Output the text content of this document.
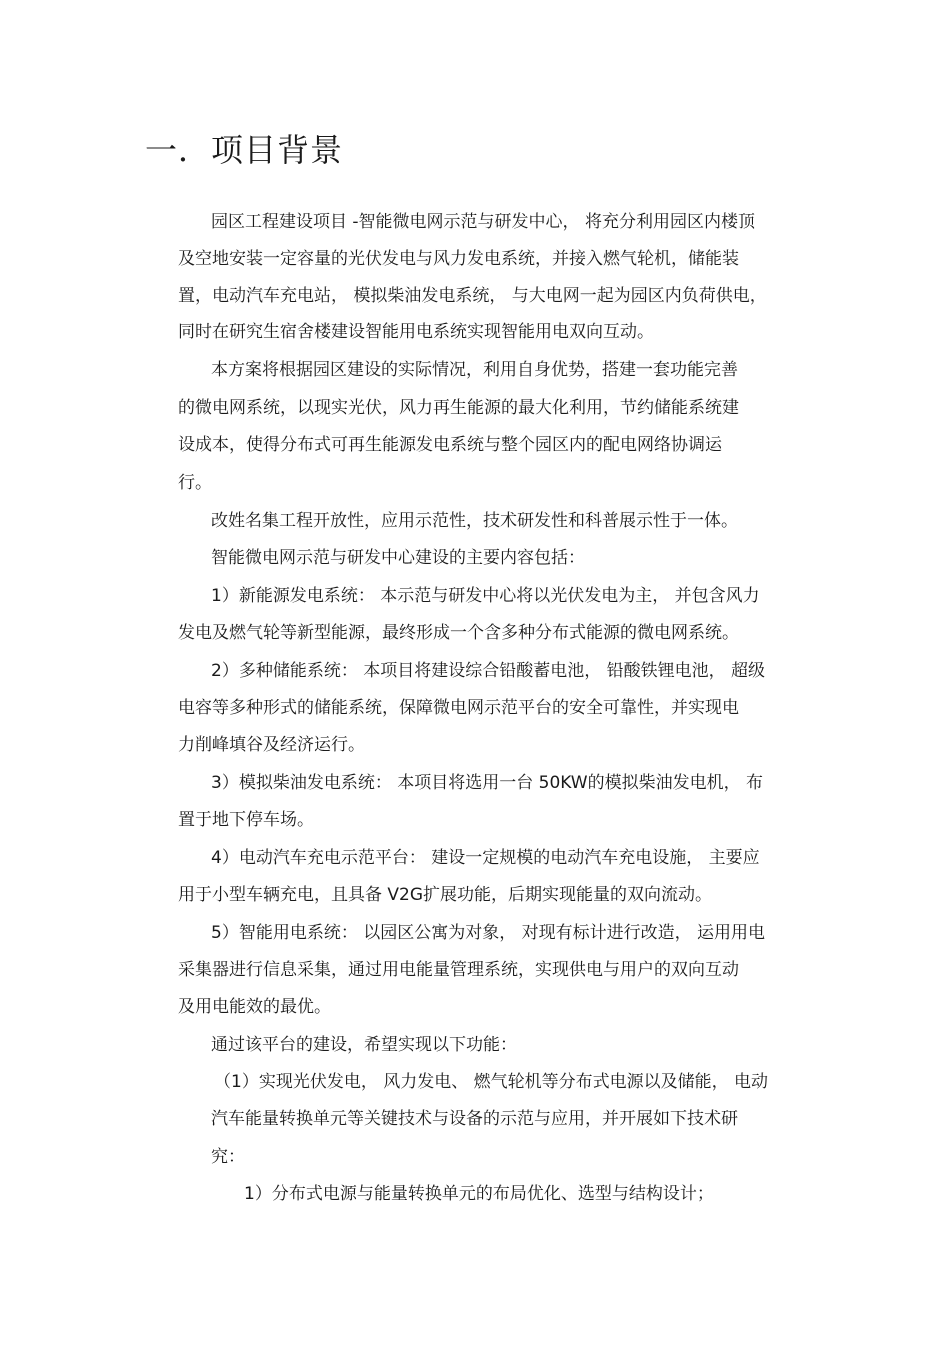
一．项目背景
园区工程建设项目 -智能微电网示范与研发中心， 将充分利用园区内楼顶
及空地安装一定容量的光伏发电与风力发电系统，并接入燃气轮机，储能装
置，电动汽车充电站， 模拟柴油发电系统， 与大电网一起为园区内负荷供电，
同时在研究生宿舍楼建设智能用电系统实现智能用电双向互动。
本方案将根据园区建设的实际情况，利用自身优势，搭建一套功能完善
的微电网系统，以现实光伏，风力再生能源的最大化利用，节约储能系统建
设成本，使得分布式可再生能源发电系统与整个园区内的配电网络协调运
行。
改姓名集工程开放性，应用示范性，技术研发性和科普展示性于一体。
智能微电网示范与研发中心建设的主要内容包括：
1）新能源发电系统： 本示范与研发中心将以光伏发电为主， 并包含风力
发电及燃气轮等新型能源，最终形成一个含多种分布式能源的微电网系统。
2）多种储能系统： 本项目将建设综合铅酸蓄电池， 铅酸铁锂电池， 超级
电容等多种形式的储能系统，保障微电网示范平台的安全可靠性，并实现电
力削峰填谷及经济运行。
3）模拟柴油发电系统： 本项目将选用一台 50KW的模拟柴油发电机， 布
置于地下停车场。
4）电动汽车充电示范平台： 建设一定规模的电动汽车充电设施， 主要应
用于小型车辆充电，且具备 V2G扩展功能，后期实现能量的双向流动。
5）智能用电系统： 以园区公寓为对象， 对现有标计进行改造， 运用用电
采集器进行信息采集，通过用电能量管理系统，实现供电与用户的双向互动
及用电能效的最优。
通过该平台的建设，希望实现以下功能：
（1）实现光伏发电， 风力发电、 燃气轮机等分布式电源以及储能， 电动
汽车能量转换单元等关键技术与设备的示范与应用，并开展如下技术研
究：
1）分布式电源与能量转换单元的布局优化、选型与结构设计；
